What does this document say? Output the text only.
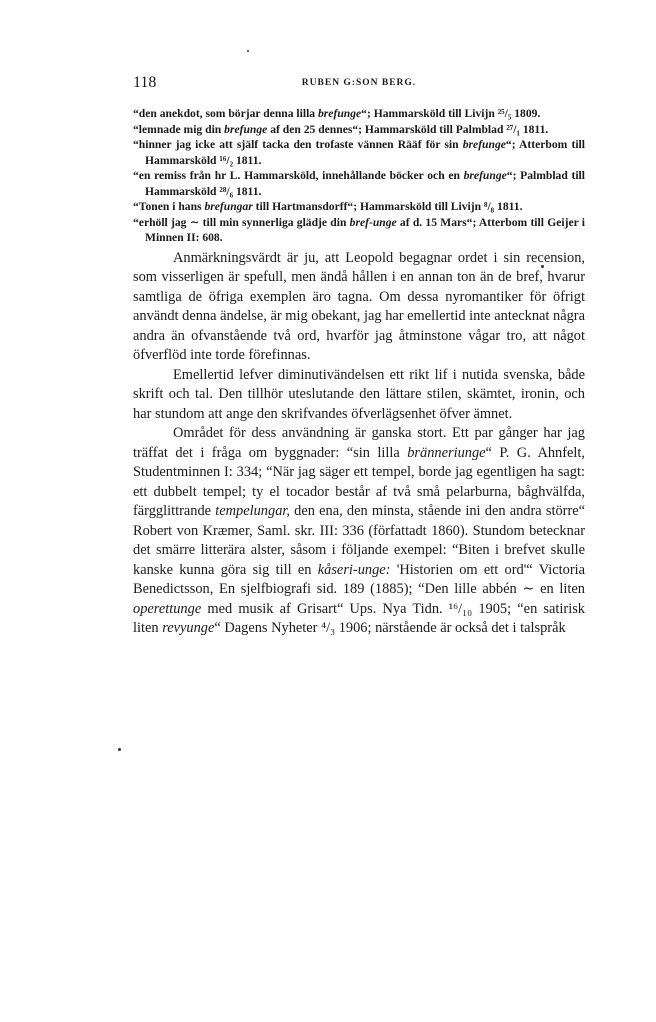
118	RUBEN G:SON BERG.

“den anekdot, som börjar denna lilla brefunge“; Hammarsköld till Livijn ²⁵/₅ 1809.

“lemnade mig din brefunge af den 25 dennes“; Hammarsköld till Palmblad ²⁷/₁ 1811.

“hinner jag icke att själf tacka den trofaste vännen Rääf för sin brefunge“; Atterbom till Hammarsköld ¹⁶/₂ 1811.

“en remiss från hr L. Hammarsköld, innehållande böcker och en brefunge“; Palmblad till Hammarsköld ²⁸/₆ 1811.

“Tonen i hans brefungar till Hartmansdorff“; Hammarsköld till Livijn ⁸/₈ 1811.

“erhöll jag ∼ till min synnerliga glädje din bref-unge af d. 15 Mars“; Atterbom till Geijer i Minnen II: 608.

Anmärkningsvärdt är ju, att Leopold begagnar ordet i sin recension, som visserligen är spefull, men ändå hållen i en annan ton än de bref, hvarur samtliga de öfriga exemplen äro tagna. Om dessa nyromantiker för öfrigt användt denna ändelse, är mig obekant, jag har emellertid inte antecknat några andra än ofvanstående två ord, hvarför jag åtminstone vågar tro, att något öfverflöd inte torde förefinnas.

Emellertid lefver diminutivändelsen ett rikt lif i nutida svenska, både skrift och tal. Den tillhör uteslutande den lättare stilen, skämtet, ironin, och har stundom att ange den skrifvandes öfverlägsenhet öfver ämnet.

Området för dess användning är ganska stort. Ett par gånger har jag träffat det i fråga om byggnader: “sin lilla bränneriunge“ P. G. Ahnfelt, Studentminnen I: 334; “När jag säger ett tempel, borde jag egentligen ha sagt: ett dubbelt tempel; ty el tocador består af två små pelarburna, båghvälfda, färgglittrande tempelungar, den ena, den minsta, stående ini den andra större“ Robert von Kræmer, Saml. skr. III: 336 (författadt 1860). Stundom betecknar det smärre litterära alster, såsom i följande exempel: “Biten i brefvet skulle kanske kunna göra sig till en kåseri-unge: 'Historien om ett ord'“ Victoria Benedictsson, En sjelfbiografi sid. 189 (1885); “Den lille abbén ∼ en liten operettunge med musik af Grisart“ Ups. Nya Tidn. ¹⁶/₁₀ 1905; “en satirisk liten revyunge“ Dagens Nyheter ⁴/₃ 1906; närstående är också det i talspråk
